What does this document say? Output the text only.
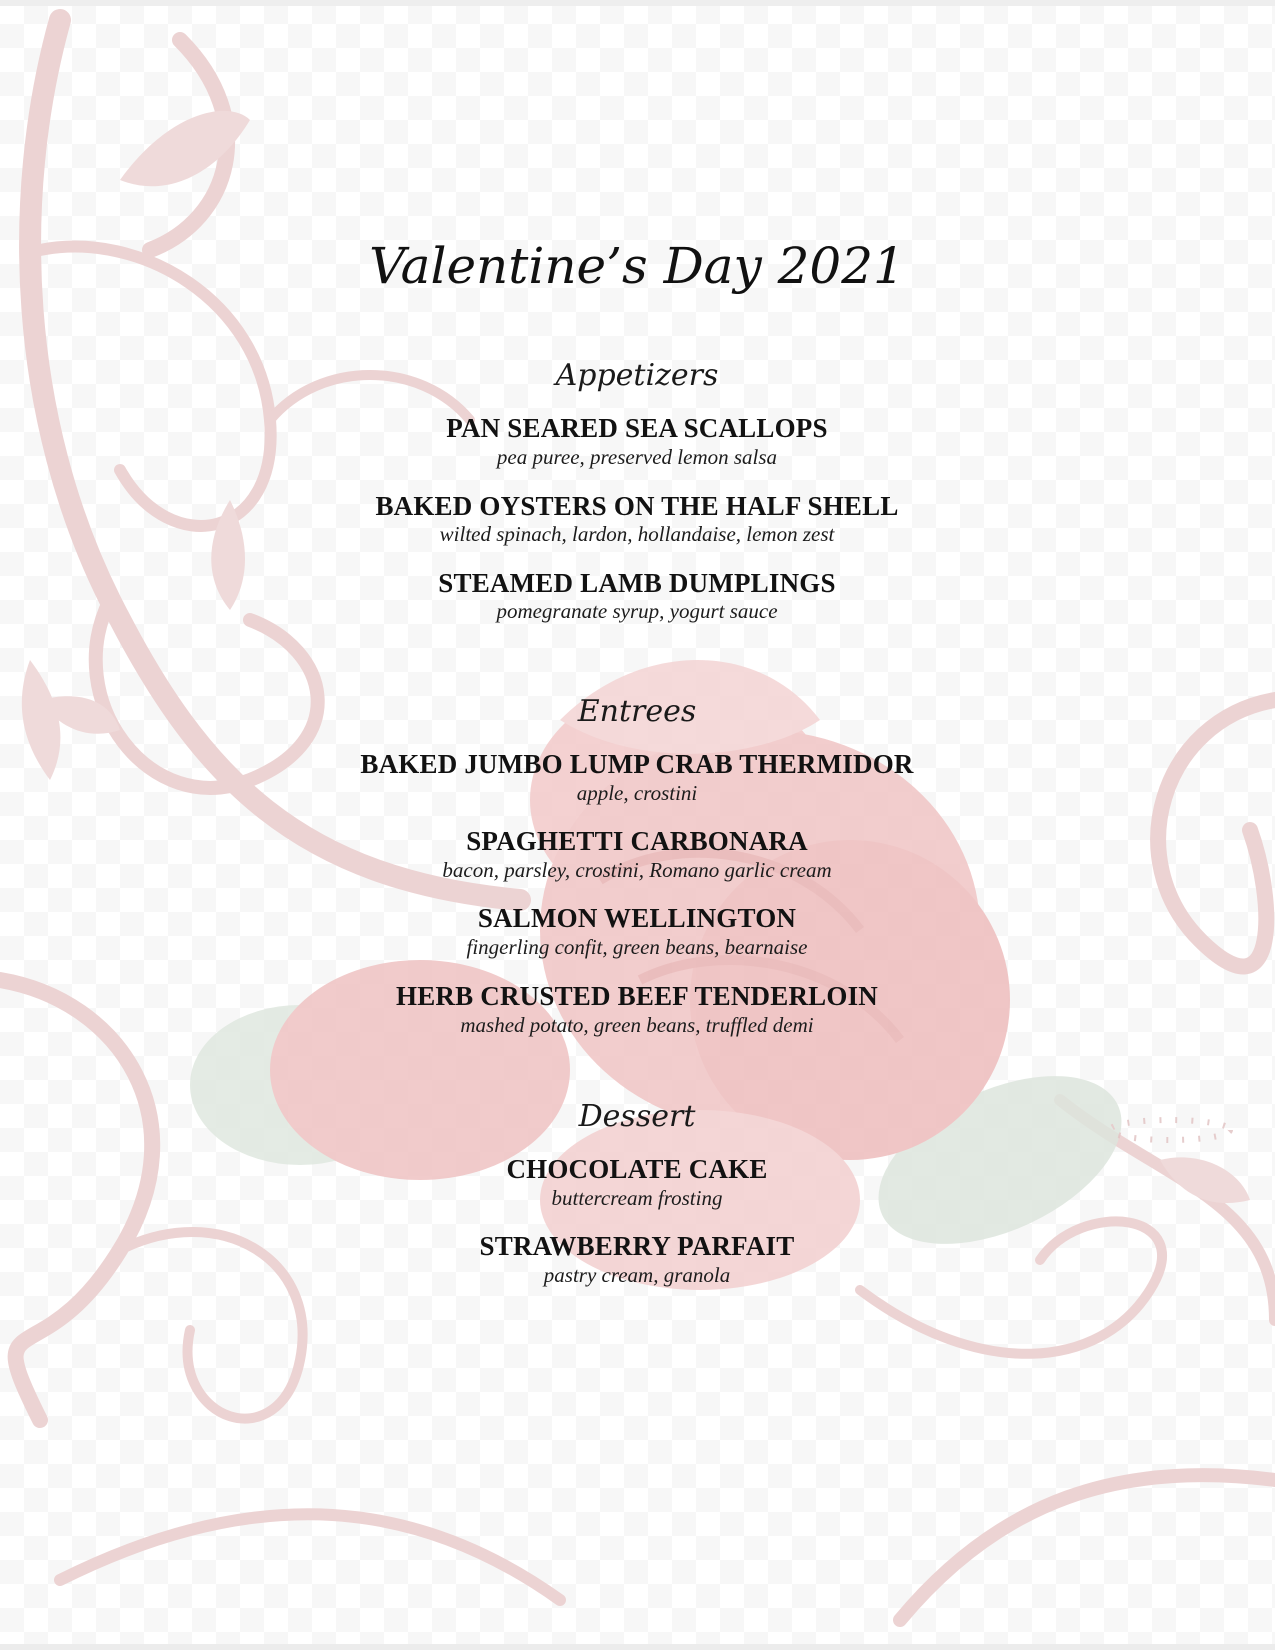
Valentine’s Day 2021
Appetizers
PAN SEARED SEA SCALLOPS
pea puree, preserved lemon salsa
BAKED OYSTERS ON THE HALF SHELL
wilted spinach, lardon, hollandaise, lemon zest
STEAMED LAMB DUMPLINGS
pomegranate syrup, yogurt sauce
Entrees
BAKED JUMBO LUMP CRAB THERMIDOR
apple, crostini
SPAGHETTI CARBONARA
bacon, parsley, crostini, Romano garlic cream
SALMON WELLINGTON
fingerling confit, green beans, bearnaise
HERB CRUSTED BEEF TENDERLOIN
mashed potato, green beans, truffled demi
Dessert
CHOCOLATE CAKE
buttercream frosting
STRAWBERRY PARFAIT
pastry cream, granola
